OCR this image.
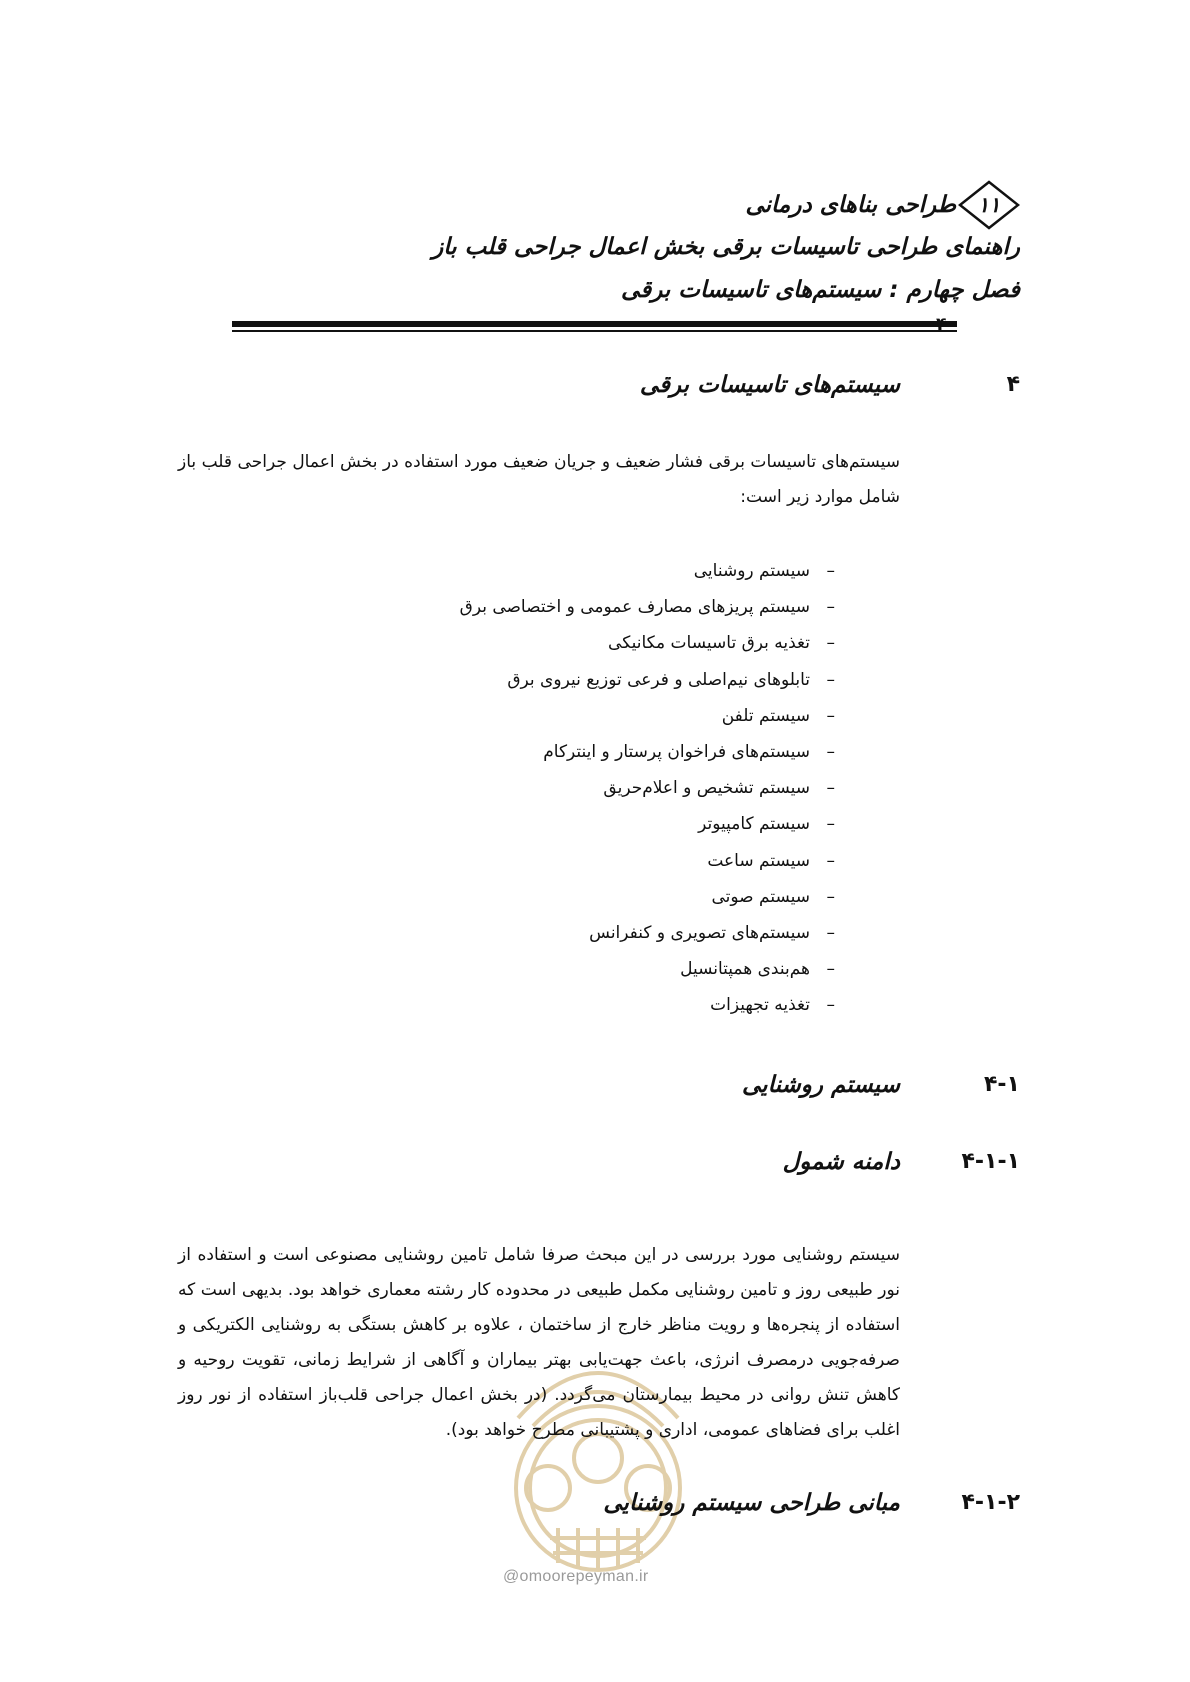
طراحی بناهای درمانی	۱۱
راهنمای طراحی تاسیسات برقی بخش اعمال جراحی قلب باز
فصل چهارم : سیستم‌های تاسیسات برقی
۴۰
۴
سیستم‌های تاسیسات برقی
سیستم‌های تاسیسات برقی فشار ضعیف و جریان ضعیف مورد استفاده در بخش اعمال جراحی قلب باز شامل موارد زیر است:
–
سیستم روشنایی
–
سیستم پریزهای مصارف عمومی و اختصاصی برق
–
تغذیه برق تاسیسات مکانیکی
–
تابلوهای نیم‌اصلی و فرعی توزیع نیروی برق
–
سیستم تلفن
–
سیستم‌های فراخوان پرستار و اینترکام
–
سیستم تشخیص و اعلام‌حریق
–
سیستم کامپیوتر
–
سیستم ساعت
–
سیستم صوتی
–
سیستم‌های تصویری و کنفرانس
–
هم‌بندی همپتانسیل
–
تغذیه تجهیزات
۴-۱
سیستم روشنایی
۴-۱-۱
دامنه شمول
سیستم روشنایی مورد بررسی در این مبحث صرفا شامل تامین روشنایی مصنوعی است و استفاده از نور طبیعی روز و تامین روشنایی مکمل طبیعی در محدوده کار رشته معماری خواهد بود. بدیهی است که استفاده از پنجره‌ها و رویت مناظر خارج از ساختمان ، علاوه بر کاهش بستگی به روشنایی الکتریکی و صرفه‌جویی درمصرف انرژی، باعث جهت‌یابی بهتر بیماران و آگاهی از شرایط زمانی، تقویت روحیه و کاهش تنش روانی در محیط بیمارستان می‌گردد. (در بخش اعمال جراحی قلب‌باز استفاده از نور روز اغلب برای فضاهای عمومی، اداری و پشتیبانی مطرح خواهد بود).
۴-۱-۲
مبانی طراحی سیستم روشنایی
@omoorepeyman.ir
